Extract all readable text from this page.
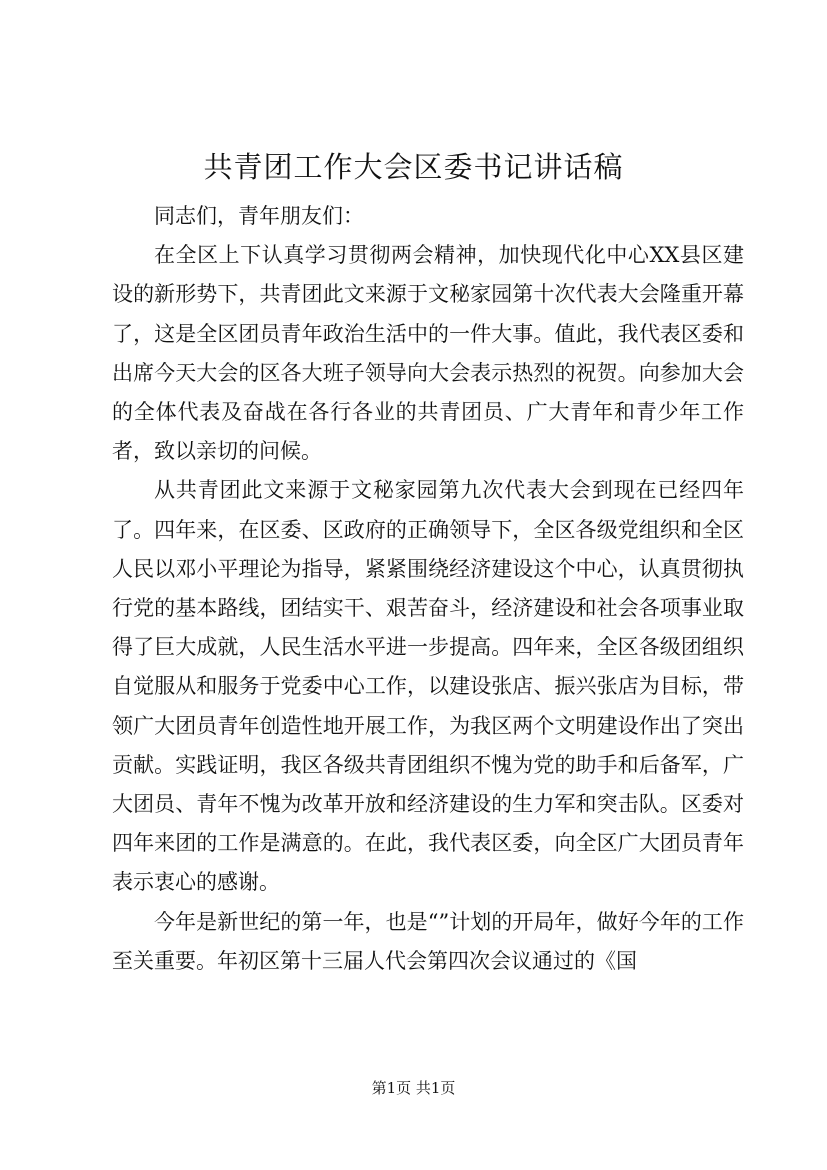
共青团工作大会区委书记讲话稿

同志们，青年朋友们：

在全区上下认真学习贯彻两会精神，加快现代化中心XX县区建设的新形势下，共青团此文来源于文秘家园第十次代表大会隆重开幕了，这是全区团员青年政治生活中的一件大事。值此，我代表区委和出席今天大会的区各大班子领导向大会表示热烈的祝贺。向参加大会的全体代表及奋战在各行各业的共青团员、广大青年和青少年工作者，致以亲切的问候。

从共青团此文来源于文秘家园第九次代表大会到现在已经四年了。四年来，在区委、区政府的正确领导下，全区各级党组织和全区人民以邓小平理论为指导，紧紧围绕经济建设这个中心，认真贯彻执行党的基本路线，团结实干、艰苦奋斗，经济建设和社会各项事业取得了巨大成就，人民生活水平进一步提高。四年来，全区各级团组织自觉服从和服务于党委中心工作，以建设张店、振兴张店为目标，带领广大团员青年创造性地开展工作，为我区两个文明建设作出了突出贡献。实践证明，我区各级共青团组织不愧为党的助手和后备军，广大团员、青年不愧为改革开放和经济建设的生力军和突击队。区委对四年来团的工作是满意的。在此，我代表区委，向全区广大团员青年表示衷心的感谢。

今年是新世纪的第一年，也是“”计划的开局年，做好今年的工作至关重要。年初区第十三届人代会第四次会议通过的《国

第1页 共1页
